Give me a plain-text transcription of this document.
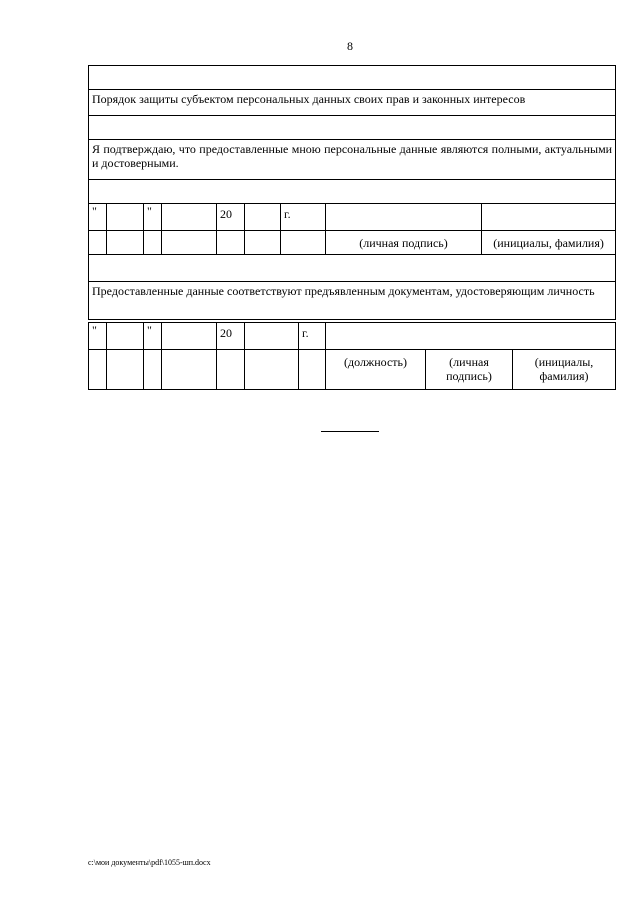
8

Порядок защиты субъектом персональных данных своих прав и законных интересов								

Я подтверждаю, что предоставленные мною персональные данные являются полными, актуальными и достоверными.								

"		"		20		г.		
							(личная подпись)	(инициалы, фамилия)

Предоставленные данные соответствуют предъявленным документам, удостоверяющим личность								
"		"		20		г.			
							(должность)	(личная подпись)	(инициалы, фамилия)
c:\мои документы\pdf\1055-шп.docx
